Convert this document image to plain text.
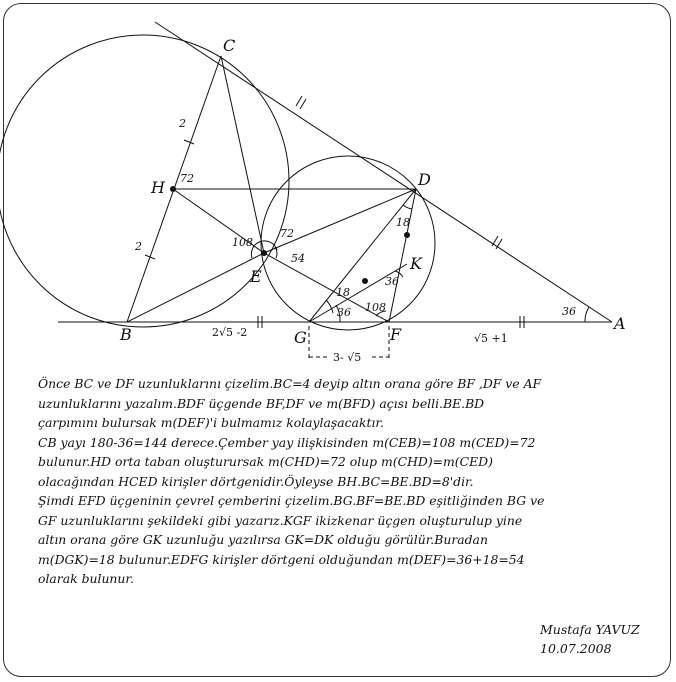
C
D
H
E
K
B	G	F
A
36
72
108
72
54
18
36
18
36 108
2
2
2√5 -2	√5 +1
3- √5
Önce BC ve DF uzunluklarını çizelim.BC=4 deyip altın orana göre BF ,DF ve AF
uzunluklarını yazalım.BDF üçgende BF,DF ve m(BFD) açısı belli.BE.BD
çarpımını bulursak m(DEF)'i bulmamız kolaylaşacaktır.
CB yayı 180-36=144 derece.Çember yay ilişkisinden m(CEB)=108 m(CED)=72
bulunur.HD orta taban oluşturursak m(CHD)=72 olup m(CHD)=m(CED)
olacağından HCED kirişler dörtgenidir.Öyleyse BH.BC=BE.BD=8'dir.
Şimdi EFD üçgeninin çevrel çemberini çizelim.BG.BF=BE.BD eşitliğinden BG ve
GF uzunluklarını şekildeki gibi yazarız.KGF ikizkenar üçgen oluşturulup yine
altın orana göre GK uzunluğu yazılırsa GK=DK olduğu görülür.Buradan
m(DGK)=18 bulunur.EDFG kirişler dörtgeni olduğundan m(DEF)=36+18=54
olarak bulunur.
Mustafa YAVUZ
10.07.2008
